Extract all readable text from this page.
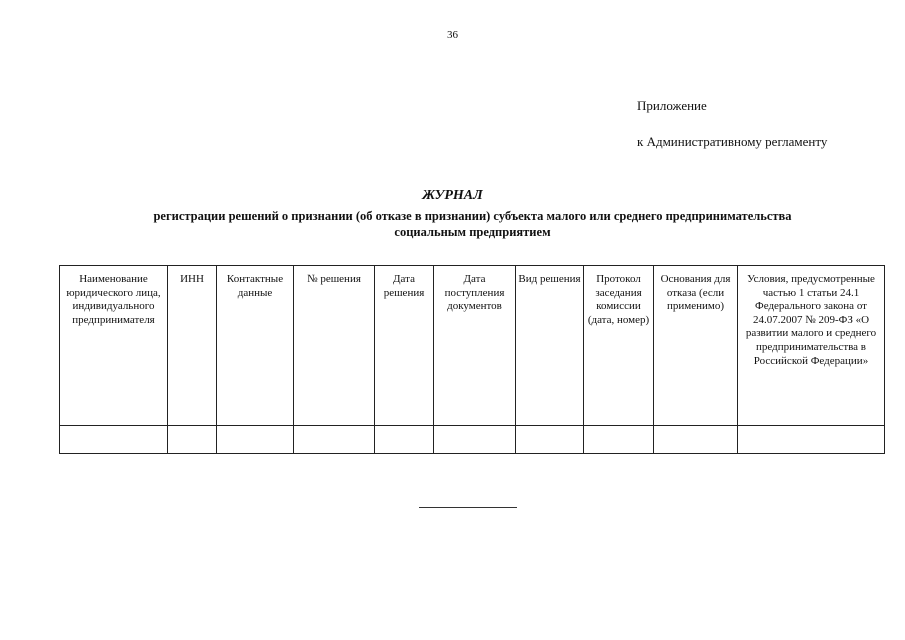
36
Приложение
к Административному регламенту
ЖУРНАЛ
регистрации решений о признании (об отказе в признании) субъекта малого или среднего предпринимательства
социальным предприятием
Наименование юридического лица, индивидуального предпринимателя	ИНН	Контактные данные	№ решения	Дата решения	Дата поступления документов	Вид решения	Протокол заседания комиссии (дата, номер)	Основания для отказа (если применимо)	Условия, предусмотренные частью 1 статьи 24.1 Федерального закона от 24.07.2007 № 209-ФЗ «О развитии малого и среднего предпринимательства в Российской Федерации»
